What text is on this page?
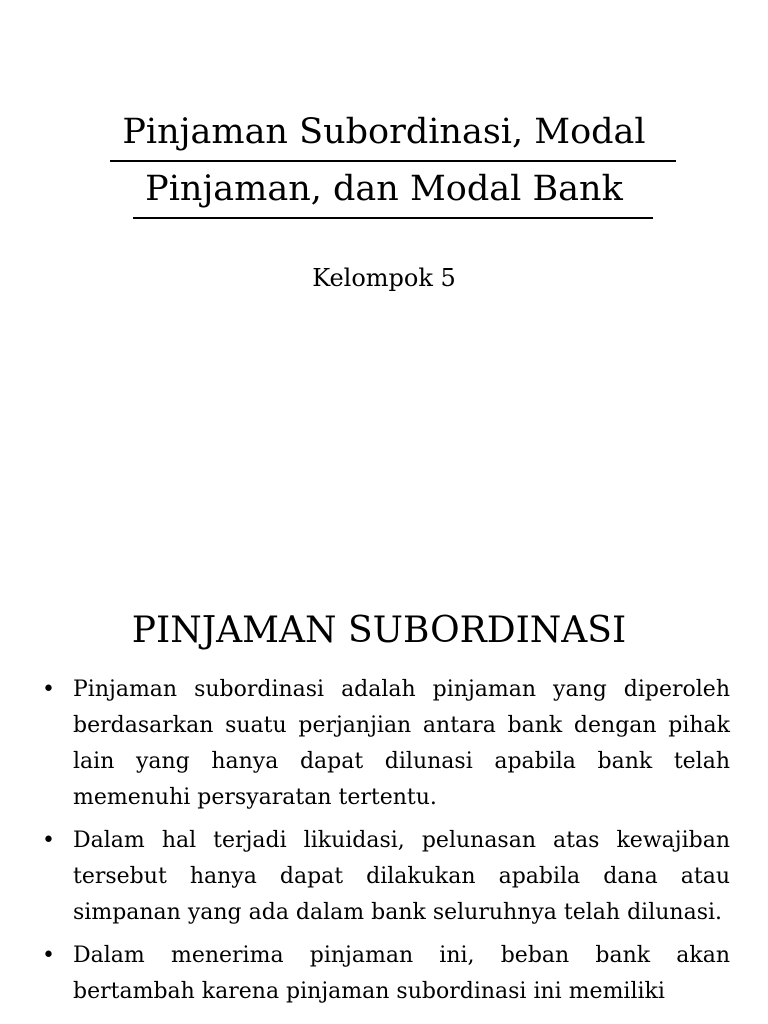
Pinjaman Subordinasi, Modal
Pinjaman, dan Modal Bank
Kelompok 5
PINJAMAN SUBORDINASI
• Pinjaman subordinasi adalah pinjaman yang diperoleh berdasarkan suatu perjanjian antara bank dengan pihak lain yang hanya dapat dilunasi apabila bank telah memenuhi persyaratan tertentu.
• Dalam hal terjadi likuidasi, pelunasan atas kewajiban tersebut hanya dapat dilakukan apabila dana atau simpanan yang ada dalam bank seluruhnya telah dilunasi.
• Dalam menerima pinjaman ini, beban bank akan bertambah karena pinjaman subordinasi ini memiliki
